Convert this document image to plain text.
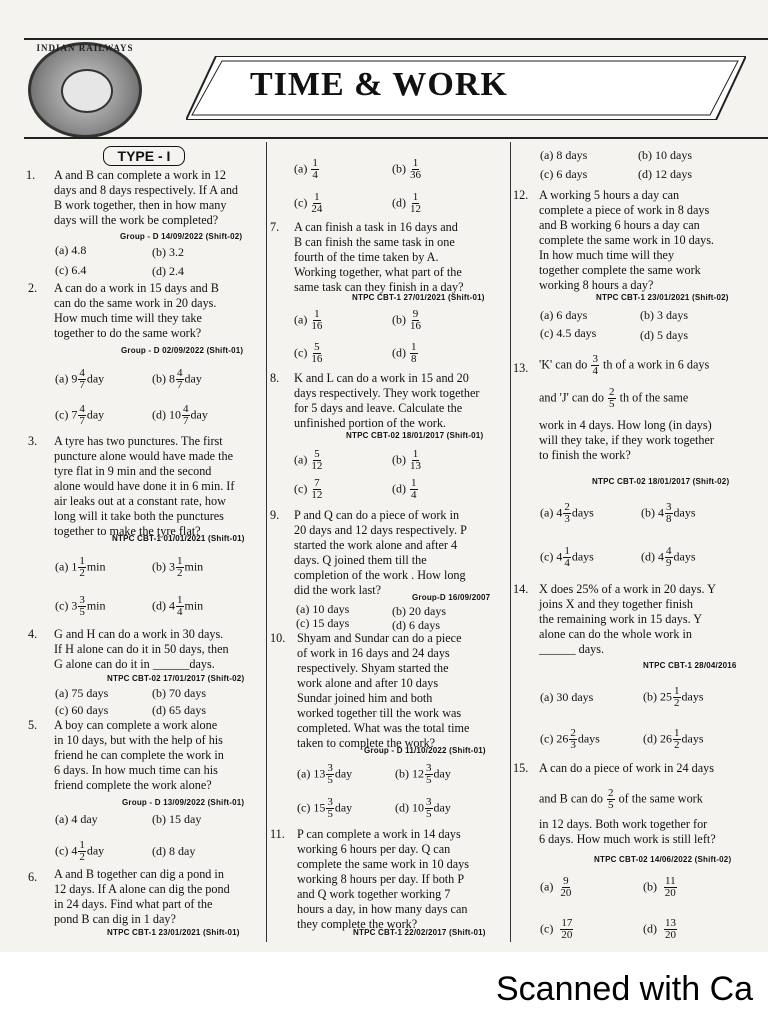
INDIAN RAILWAYS
TIME & WORK
TYPE - I
1. A and B can complete a work in 12
days and 8 days respectively. If A and
B work together, then in how many
days will the work be completed?
Group - D 14/09/2022 (Shift-02)
(a) 4.8	(b) 3.2
(c) 6.4	(d) 2.4
2. A can do a work in 15 days and B
can do the same work in 20 days.
How much time will they take
together to do the same work?
Group - D 02/09/2022 (Shift-01)
(a) $9 \frac{4}{7}$ day	(b) $8 \frac{4}{7}$ day
(c) $7 \frac{4}{7}$ day	(d) $10 \frac{4}{7}$ day
3. A tyre has two punctures. The first
puncture alone would have made the
tyre flat in 9 min and the second
alone would have done it in 6 min. If
air leaks out at a constant rate, how
long will it take both the punctures
together to make the tyre flat?
NTPC CBT-1 01/01/2021 (Shift-01)
(a) $1 \frac{1}{2}$ min	(b) $3 \frac{1}{2}$ min
(c) $3 \frac{3}{5}$ min	(d) $4 \frac{1}{4}$ min
4. G and H can do a work in 30 days.
If H alone can do it in 50 days, then
G alone can do it in ______days.
NTPC CBT-02 17/01/2017 (Shift-02)
(a) 75 days	(b) 70 days
(c) 60 days	(d) 65 days
5. A boy can complete a work alone
in 10 days, but with the help of his
friend he can complete the work in
6 days. In how much time can his
friend complete the work alone?
Group - D 13/09/2022 (Shift-01)
(a) 4 day	(b) 15 day
(c) $4 \frac{1}{2}$ day	(d) 8 day
6. A and B together can dig a pond in
12 days. If A alone can dig the pond
in 24 days. Find what part of the
pond B can dig in 1 day?
NTPC CBT-1 23/01/2021 (Shift-01)
$(a) \frac{1}{4}$	$(b) \frac{1}{36}$
$(c) \frac{1}{24}$	$(d) \frac{1}{12}$
7. A can finish a task in 16 days and
B can finish the same task in one
fourth of the time taken by A.
Working together, what part of the
same task can they finish in a day?
NTPC CBT-1 27/01/2021 (Shift-01)
$(a) \frac{1}{16}$	$(b) \frac{9}{16}$
$(c) \frac{5}{16}$	$(d) \frac{1}{8}$
8. K and L can do a work in 15 and 20
days respectively. They work together
for 5 days and leave. Calculate the
unfinished portion of the work.
NTPC CBT-02 18/01/2017 (Shift-01)
$(a) \frac{5}{12}$	$(b) \frac{1}{13}$
$(c) \frac{7}{12}$	$(d) \frac{1}{4}$
9. P and Q can do a piece of work in
20 days and 12 days respectively. P
started the work alone and after 4
days. Q joined them till the
completion of the work . How long
did the work last?
Group-D 16/09/2007
(a) 10 days	(b) 20 days
(c) 15 days	(d) 6 days
10. Shyam and Sundar can do a piece
of work in 16 days and 24 days
respectively. Shyam started the
work alone and after 10 days
Sundar joined him and both
worked together till the work was
completed. What was the total time
taken to complete the work?
Group - D 11/10/2022 (Shift-01)
(a) $13 \frac{3}{5}$ day	(b) $12 \frac{3}{5}$ day
(c) $15 \frac{3}{5}$ day	(d) $10 \frac{3}{5}$ day
11. P can complete a work in 14 days
working 6 hours per day. Q can
complete the same work in 10 days
working 8 hours per day. If both P
and Q work together working 7
hours a day, in how many days can
they complete the work?
NTPC CBT-1 22/02/2017 (Shift-01)
(a) 8 days	(b) 10 days
(c) 6 days	(d) 12 days
12. A working 5 hours a day can
complete a piece of work in 8 days
and B working 6 hours a day can
complete the same work in 10 days.
In how much time will they
together complete the same work
working 8 hours a day?
NTPC CBT-1 23/01/2021 (Shift-02)
(a) 6 days	(b) 3 days
(c) 4.5 days	(d) 5 days
13. 'K' can do $\frac{3}{4}$ th of a work in 6 days
and 'J' can do $\frac{2}{5}$ th of the same
work in 4 days. How long (in days)
will they take, if they work together
to finish the work?
NTPC CBT-02 18/01/2017 (Shift-02)
(a) $4 \frac{2}{3}$ days	(b) $4 \frac{3}{8}$ days
(c) $4 \frac{1}{4}$ days	(d) $4 \frac{4}{9}$ days
14. X does 25% of a work in 20 days. Y
joins X and they together finish
the remaining work in 15 days. Y
alone can do the whole work in
______ days.
NTPC CBT-1 28/04/2016
(a) 30 days	(b) $25 \frac{1}{2}$ days
(c) $26 \frac{2}{3}$ days	(d) $26 \frac{1}{2}$ days
15. A can do a piece of work in 24 days
and B can do $\frac{2}{5}$ of the same work
in 12 days. Both work together for
6 days. How much work is still left?
NTPC CBT-02 14/06/2022 (Shift-02)
$(a) \frac{9}{20}$	$(b) \frac{11}{20}$
$(c) \frac{17}{20}$	$(d) \frac{13}{20}$
Scanned with Ca
